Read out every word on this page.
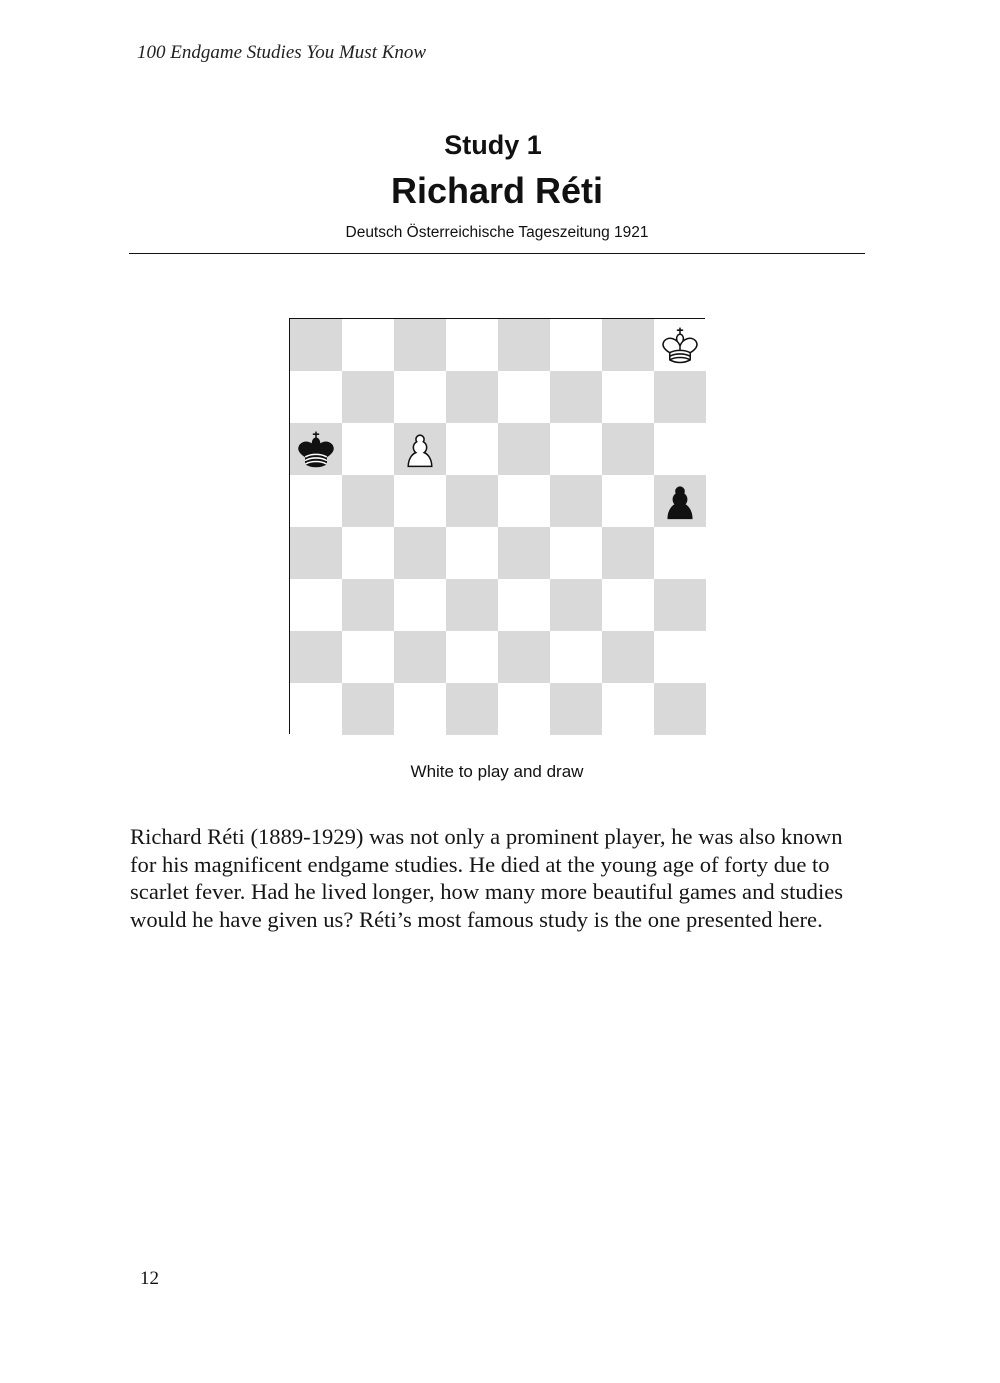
100 Endgame Studies You Must Know
Study 1
Richard Réti
Deutsch Österreichische Tageszeitung 1921
White to play and draw

Richard Réti (1889-1929) was not only a prominent player, he was also known for his magnificent endgame studies. He died at the young age of forty due to scarlet fever. Had he lived longer, how many more beautiful games and studies would he have given us? Réti’s most famous study is the one presented here.

12
